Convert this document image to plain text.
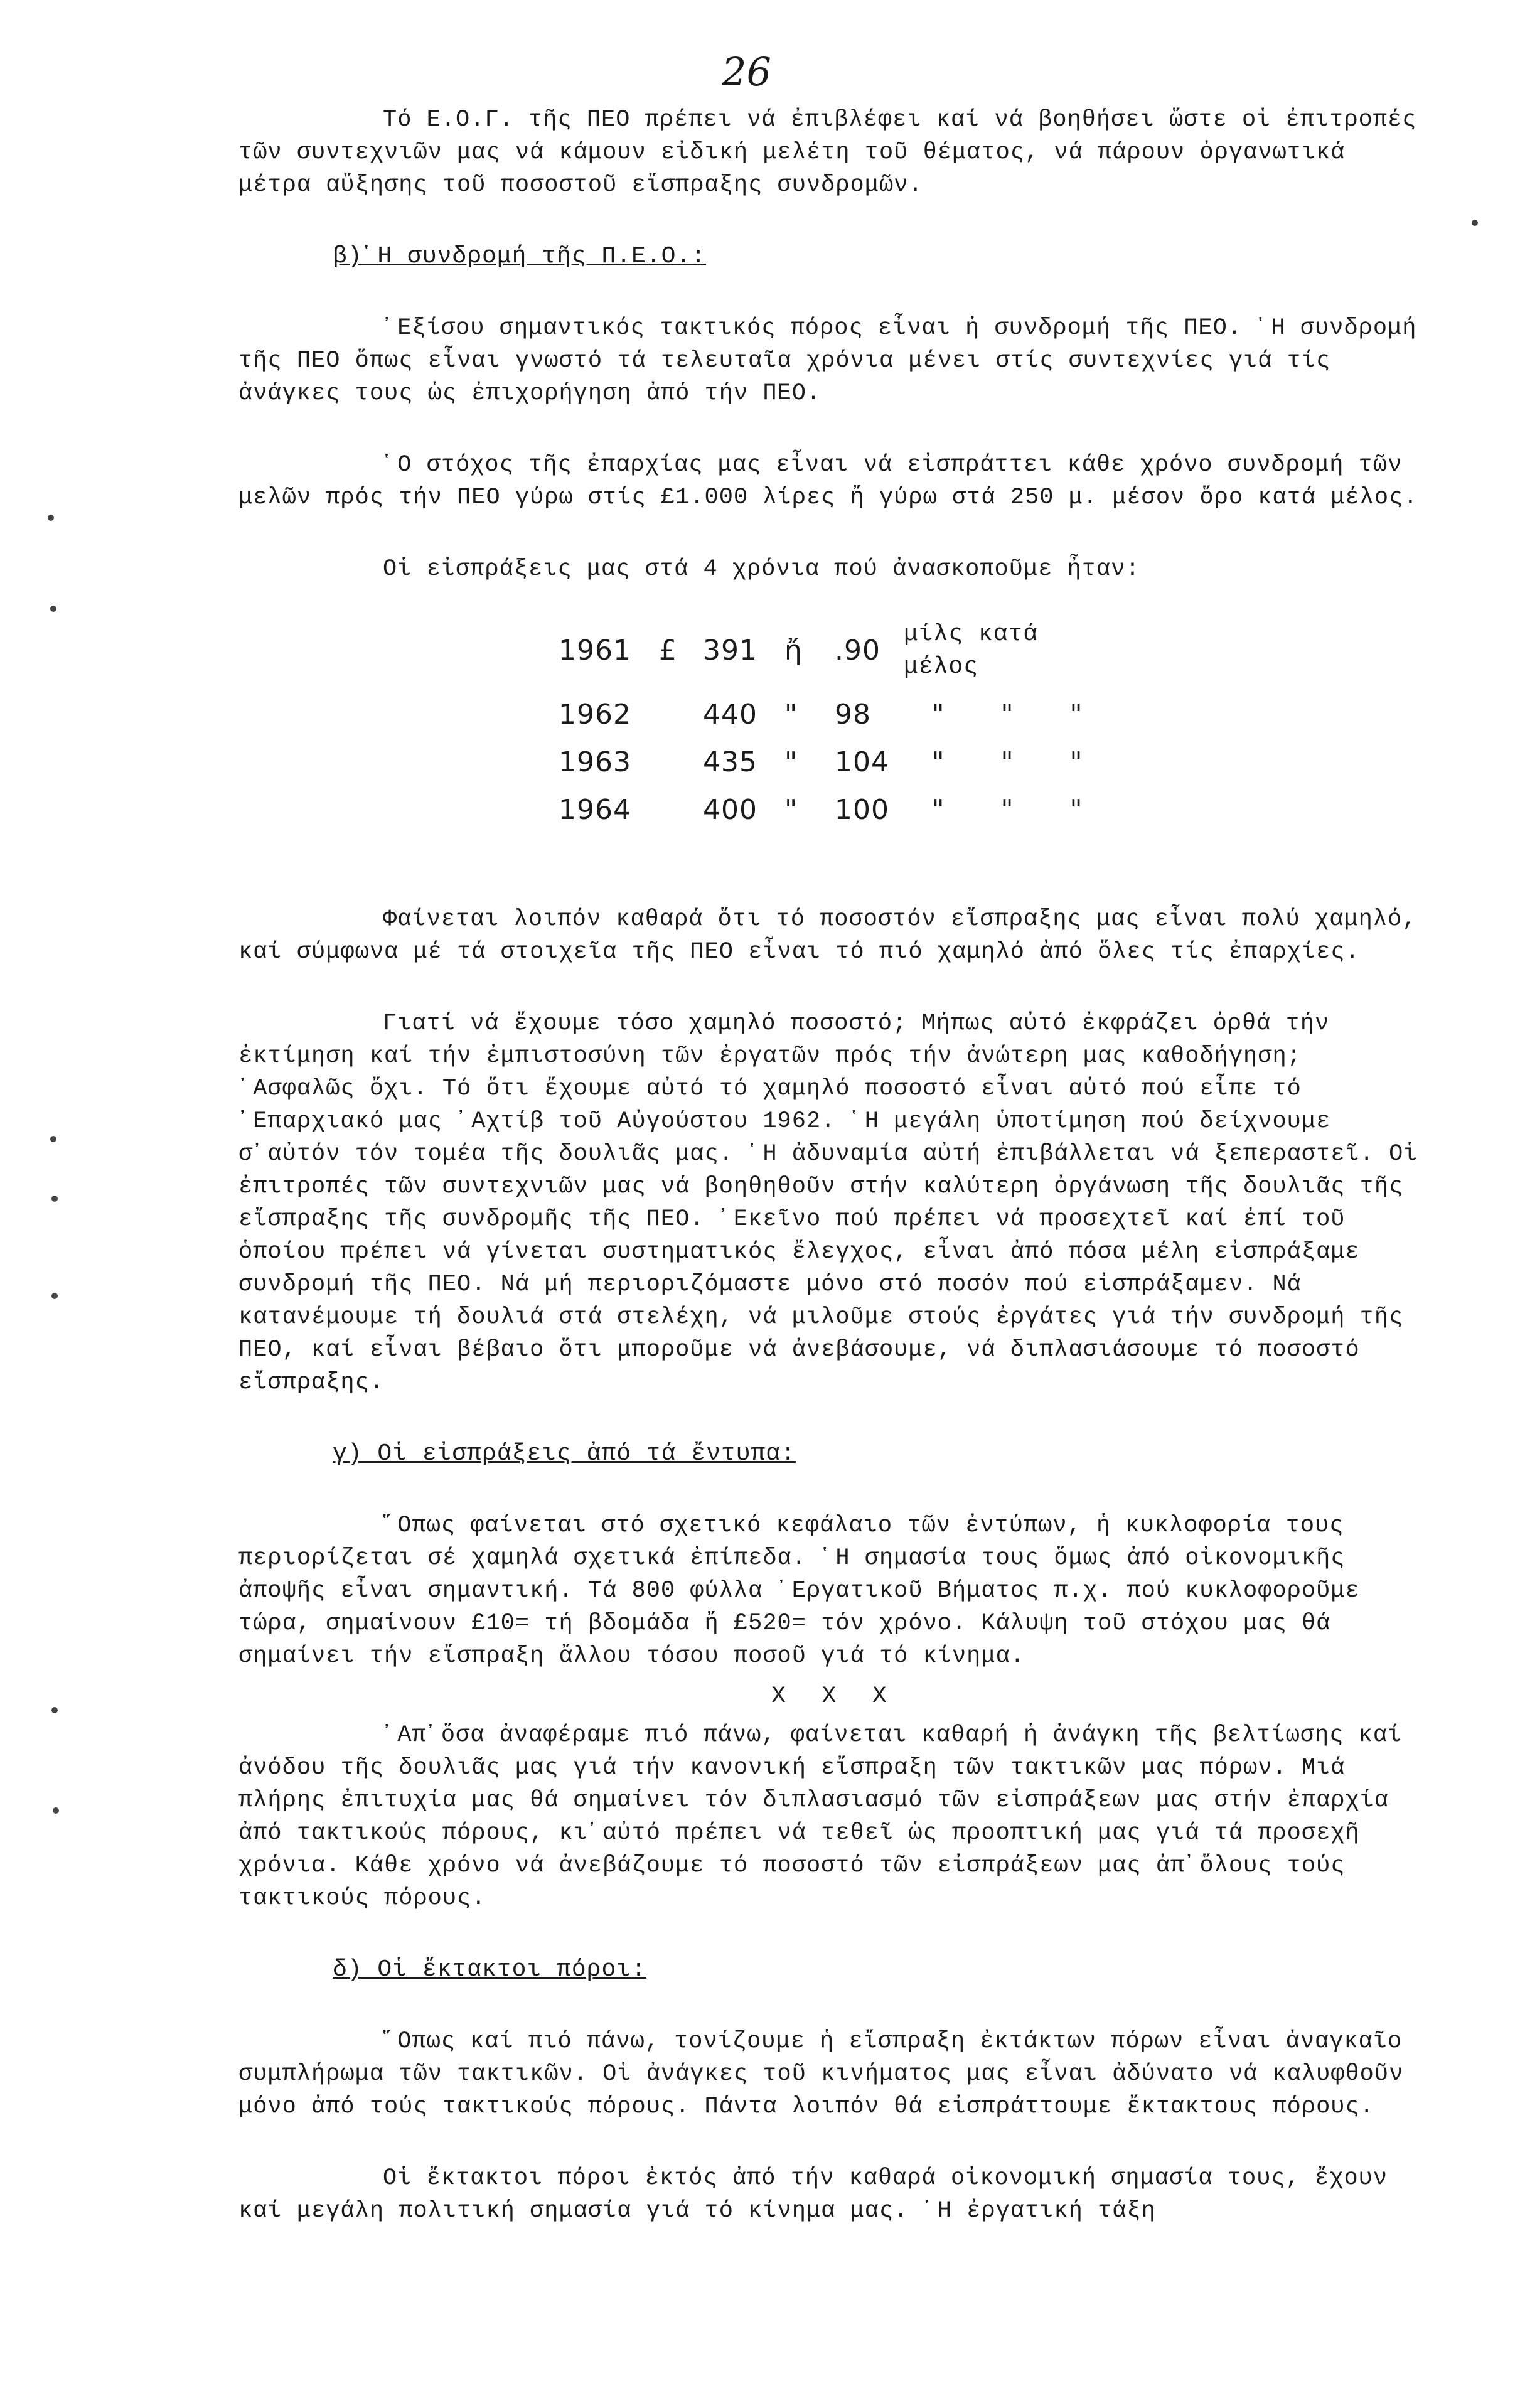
26

Τό Ε.Ο.Γ. τῆς ΠΕΟ πρέπει νά ἐπιβλέφει καί νά βοηθήσει ὥστε οἱ ἐπιτροπές τῶν συντεχνιῶν μας νά κάμουν εἰδική μελέτη τοῦ θέματος, νά πάρουν ὀργανωτικά μέτρα αὔξησης τοῦ ποσοστοῦ εἴσπραξης συνδρομῶν.

β)῾Η συνδρομή τῆς Π.Ε.Ο.:

᾿Εξίσου σημαντικός τακτικός πόρος εἶναι ἡ συνδρομή τῆς ΠΕΟ. ῾Η συνδρομή τῆς ΠΕΟ ὅπως εἶναι γνωστό τά τελευταῖα χρόνια μένει στίς συντεχνίες γιά τίς ἀνάγκες τους ὡς ἐπιχορήγηση ἀπό τήν ΠΕΟ.

῾Ο στόχος τῆς ἐπαρχίας μας εἶναι νά εἰσπράττει κάθε χρόνο συνδρομή τῶν μελῶν πρός τήν ΠΕΟ γύρω στίς £1.000 λίρες ἤ γύρω στά 250 μ. μέσον ὅρο κατά μέλος.

Οἱ εἰσπράξεις μας στά 4 χρόνια πού ἀνασκοποῦμε ἦταν:

1961	£	391	ἤ	.90	μίλς κατά μέλος		
1962		440	"	98	"	"	"
1963		435	"	104	"	"	"
1964		400	"	100	"	"	"

Φαίνεται λοιπόν καθαρά ὅτι τό ποσοστόν εἴσπραξης μας εἶναι πολύ χαμηλό, καί σύμφωνα μέ τά στοιχεῖα τῆς ΠΕΟ εἶναι τό πιό χαμηλό ἀπό ὅλες τίς ἐπαρχίες.

Γιατί νά ἔχουμε τόσο χαμηλό ποσοστό; Μήπως αὐτό ἐκφράζει ὀρθά τήν ἐκτίμηση καί τήν ἐμπιστοσύνη τῶν ἐργατῶν πρός τήν ἀνώτερη μας καθοδήγηση; ᾿Ασφαλῶς ὄχι. Τό ὅτι ἔχουμε αὐτό τό χαμηλό ποσοστό εἶναι αὐτό πού εἶπε τό ᾿Επαρχιακό μας ᾿Αχτίβ τοῦ Αὐγούστου 1962. ῾Η μεγάλη ὑποτίμηση πού δείχνουμε σ᾿αὐτόν τόν τομέα τῆς δουλιᾶς μας. ῾Η ἀδυναμία αὐτή ἐπιβάλλεται νά ξεπεραστεῖ. Οἱ ἐπιτροπές τῶν συντεχνιῶν μας νά βοηθηθοῦν στήν καλύτερη ὀργάνωση τῆς δουλιᾶς τῆς εἴσπραξης τῆς συνδρομῆς τῆς ΠΕΟ. ᾿Εκεῖνο πού πρέπει νά προσεχτεῖ καί ἐπί τοῦ ὁποίου πρέπει νά γίνεται συστηματικός ἔλεγχος, εἶναι ἀπό πόσα μέλη εἰσπράξαμε συνδρομή τῆς ΠΕΟ. Νά μή περιοριζόμαστε μόνο στό ποσόν πού εἰσπράξαμεν. Νά κατανέμουμε τή δουλιά στά στελέχη, νά μιλοῦμε στούς ἐργάτες γιά τήν συνδρομή τῆς ΠΕΟ, καί εἶναι βέβαιο ὅτι μποροῦμε νά ἀνεβάσουμε, νά διπλασιάσουμε τό ποσοστό εἴσπραξης.

γ) Οἱ εἰσπράξεις ἀπό τά ἔντυπα:

῞Οπως φαίνεται στό σχετικό κεφάλαιο τῶν ἐντύπων, ἡ κυκλοφορία τους περιορίζεται σέ χαμηλά σχετικά ἐπίπεδα. ῾Η σημασία τους ὅμως ἀπό οἰκονομικῆς ἀποψῆς εἶναι σημαντική. Τά 800 φύλλα ᾿Εργατικοῦ Βήματος π.χ. πού κυκλοφοροῦμε τώρα, σημαίνουν £10= τή βδομάδα ἤ £520= τόν χρόνο. Κάλυψη τοῦ στόχου μας θά σημαίνει τήν εἴσπραξη ἄλλου τόσου ποσοῦ γιά τό κίνημα.

Χ Χ Χ

᾿Απ᾿ὅσα ἀναφέραμε πιό πάνω, φαίνεται καθαρή ἡ ἀνάγκη τῆς βελτίωσης καί ἀνόδου τῆς δουλιᾶς μας γιά τήν κανονική εἴσπραξη τῶν τακτικῶν μας πόρων. Μιά πλήρης ἐπιτυχία μας θά σημαίνει τόν διπλασιασμό τῶν εἰσπράξεων μας στήν ἐπαρχία ἀπό τακτικούς πόρους, κι᾿αὐτό πρέπει νά τεθεῖ ὡς προοπτική μας γιά τά προσεχῆ χρόνια. Κάθε χρόνο νά ἀνεβάζουμε τό ποσοστό τῶν εἰσπράξεων μας ἀπ᾿ὅλους τούς τακτικούς πόρους.

δ) Οἱ ἔκτακτοι πόροι:

῞Οπως καί πιό πάνω, τονίζουμε ἡ εἴσπραξη ἐκτάκτων πόρων εἶναι ἀναγκαῖο συμπλήρωμα τῶν τακτικῶν. Οἱ ἀνάγκες τοῦ κινήματος μας εἶναι ἀδύνατο νά καλυφθοῦν μόνο ἀπό τούς τακτικούς πόρους. Πάντα λοιπόν θά εἰσπράττουμε ἔκτακτους πόρους.

Οἱ ἔκτακτοι πόροι ἐκτός ἀπό τήν καθαρά οἰκονομική σημασία τους, ἔχουν καί μεγάλη πολιτική σημασία γιά τό κίνημα μας. ῾Η ἐργατική τάξη
